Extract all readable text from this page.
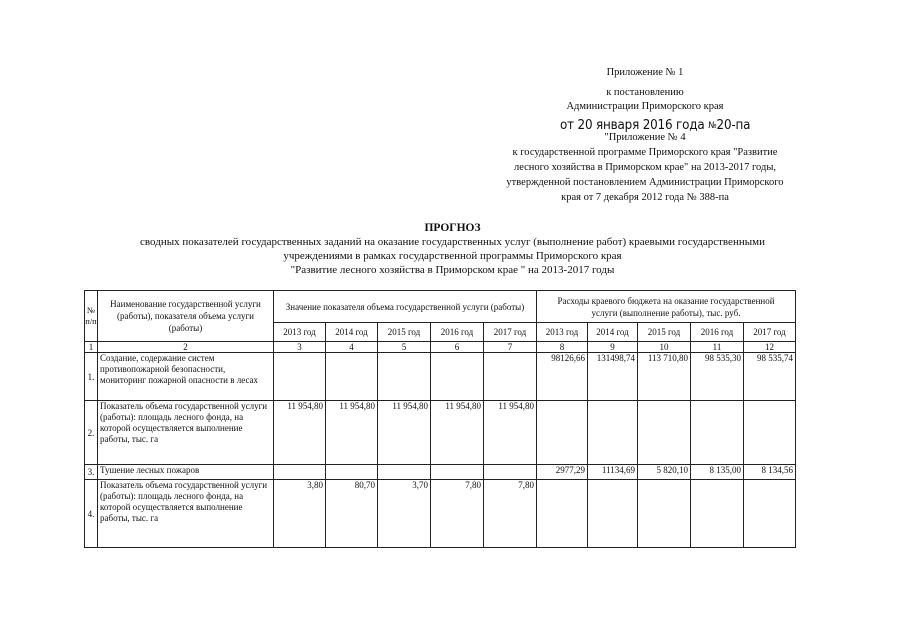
Приложение № 1
к постановлению
Администрации Приморского края
от 20 января 2016 года №20-па
"Приложение № 4
к государственной программе Приморского края "Развитие
лесного хозяйства в Приморском крае" на 2013-2017 годы,
утвержденной постановлением Администрации Приморского
края от 7 декабря 2012 года № 388-па
ПРОГНОЗ
сводных показателей государственных заданий на оказание государственных услуг (выполнение работ) краевыми государственными
учреждениями в рамках государственной программы Приморского края
"Развитие лесного хозяйства в Приморском крае " на 2013-2017 годы
№ п/п	Наименование государственной услуги (работы), показателя объема услуги (работы)	Значение показателя объема государственной услуги (работы)					Расходы краевого бюджета на оказание государственной услуги (выполнение работы), тыс. руб.				
		2013 год	2014 год	2015 год	2016 год	2017 год	2013 год	2014 год	2015 год	2016 год	2017 год
1	2	3	4	5	6	7	8	9	10	11	12
1.	Создание, содержание систем противопожарной безопасности, мониторинг пожарной опасности в лесах						98126,66	131498,74	113 710,80	98 535,30	98 535,74
2.	Показатель объема государственной услуги (работы): площадь лесного фонда, на которой осуществляется выполнение работы, тыс. га	11 954,80	11 954,80	11 954,80	11 954,80	11 954,80					
3.	Тушение лесных пожаров						2977,29	11134,69	5 820,10	8 135,00	8 134,56
4.	Показатель объема государственной услуги (работы): площадь лесного фонда, на которой осуществляется выполнение работы, тыс. га	3,80	80,70	3,70	7,80	7,80					
